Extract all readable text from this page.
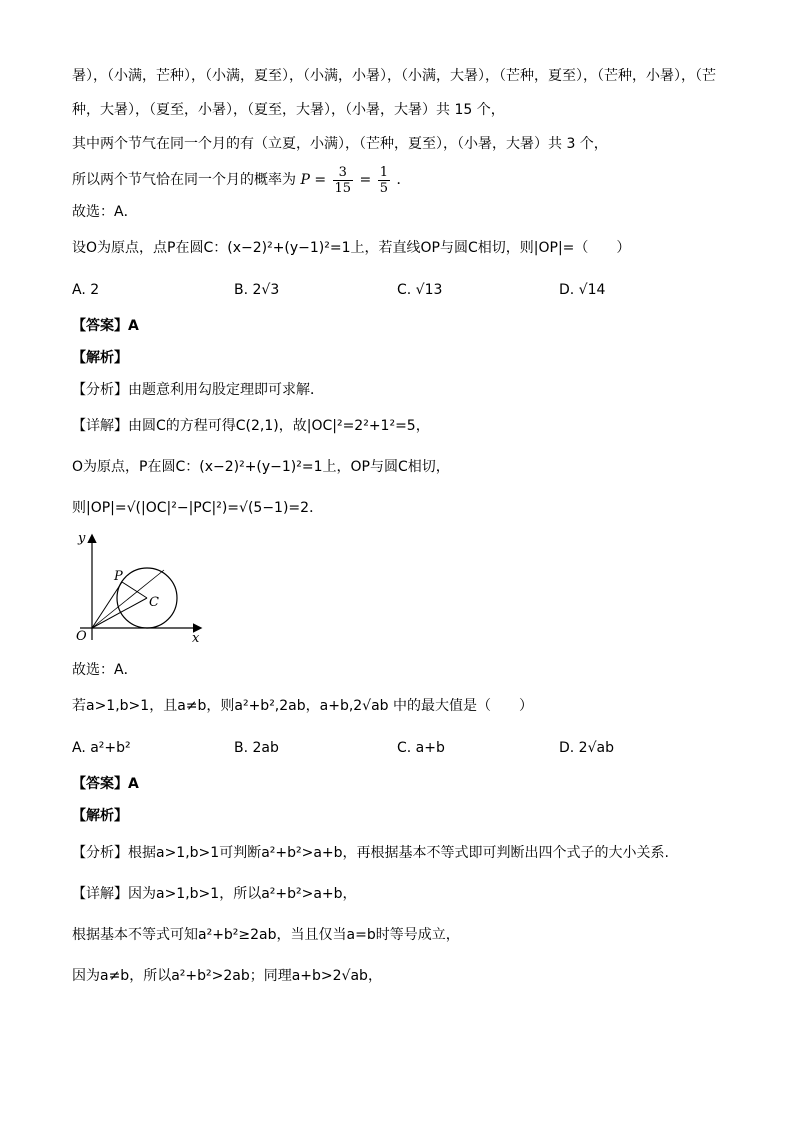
暑），（小满，芒种），（小满，夏至），（小满，小暑），（小满，大暑），（芒种，夏至），（芒种，小暑），（芒
种，大暑），（夏至，小暑），（夏至，大暑），（小暑，大暑）共 15 个，
其中两个节气在同一个月的有（立夏，小满），（芒种，夏至），（小暑，大暑）共 3 个，
所以两个节气恰在同一个月的概率为 $P = \frac{3}{15} = \frac{1}{5}$ ．
故选：A．
设O为原点，点P在圆C：(x−2)²+(y−1)²=1上，若直线OP与圆C相切，则|OP|=（　　）
A. 2	B. 2√3	C. √13	D. √14
【答案】A
【解析】
【分析】由题意利用勾股定理即可求解．
【详解】由圆C的方程可得C(2,1)，故|OC|²=2²+1²=5，
O为原点，P在圆C：(x−2)²+(y−1)²=1上，OP与圆C相切，
则|OP|=√(|OC|²−|PC|²)=√(5−1)=2．
y
x
O
P
C
故选：A．
若a>1,b>1，且a≠b，则a²+b²,2ab，a+b,2√ab 中的最大值是（　　）
A. a²+b²	B. 2ab	C. a+b	D. 2√ab
【答案】A
【解析】
【分析】根据a>1,b>1可判断a²+b²>a+b，再根据基本不等式即可判断出四个式子的大小关系.
【详解】因为a>1,b>1，所以a²+b²>a+b，
根据基本不等式可知a²+b²≥2ab，当且仅当a=b时等号成立，
因为a≠b，所以a²+b²>2ab；同理a+b>2√ab，
